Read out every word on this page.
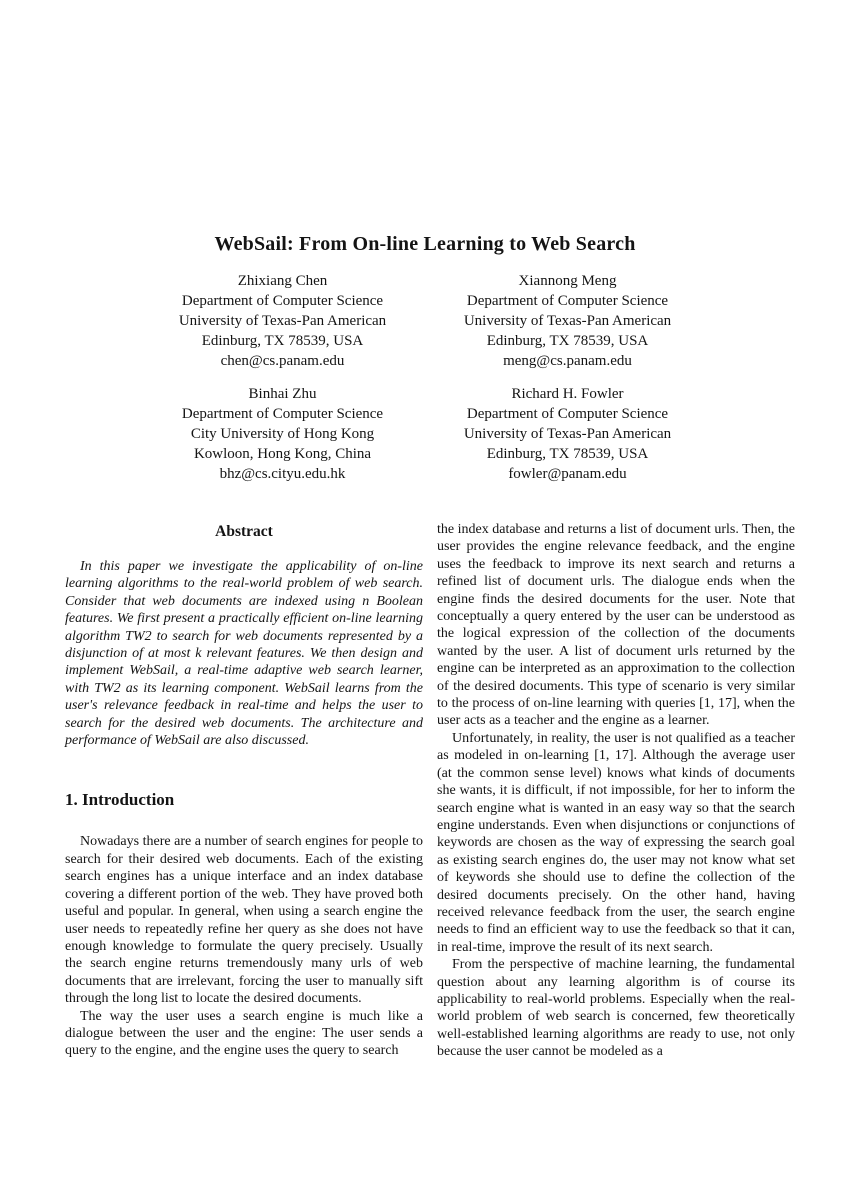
WebSail: From On-line Learning to Web Search
Zhixiang Chen
Department of Computer Science
University of Texas-Pan American
Edinburg, TX 78539, USA
chen@cs.panam.edu
Xiannong Meng
Department of Computer Science
University of Texas-Pan American
Edinburg, TX 78539, USA
meng@cs.panam.edu
Binhai Zhu
Department of Computer Science
City University of Hong Kong
Kowloon, Hong Kong, China
bhz@cs.cityu.edu.hk
Richard H. Fowler
Department of Computer Science
University of Texas-Pan American
Edinburg, TX 78539, USA
fowler@panam.edu
Abstract

In this paper we investigate the applicability of on-line learning algorithms to the real-world problem of web search. Consider that web documents are indexed using n Boolean features. We first present a practically efficient on-line learning algorithm TW2 to search for web documents represented by a disjunction of at most k relevant features. We then design and implement WebSail, a real-time adaptive web search learner, with TW2 as its learning component. WebSail learns from the user's relevance feedback in real-time and helps the user to search for the desired web documents. The architecture and performance of WebSail are also discussed.

1. Introduction

Nowadays there are a number of search engines for people to search for their desired web documents. Each of the existing search engines has a unique interface and an index database covering a different portion of the web. They have proved both useful and popular. In general, when using a search engine the user needs to repeatedly refine her query as she does not have enough knowledge to formulate the query precisely. Usually the search engine returns tremendously many urls of web documents that are irrelevant, forcing the user to manually sift through the long list to locate the desired documents.

The way the user uses a search engine is much like a dialogue between the user and the engine: The user sends a query to the engine, and the engine uses the query to search

the index database and returns a list of document urls. Then, the user provides the engine relevance feedback, and the engine uses the feedback to improve its next search and returns a refined list of document urls. The dialogue ends when the engine finds the desired documents for the user. Note that conceptually a query entered by the user can be understood as the logical expression of the collection of the documents wanted by the user. A list of document urls returned by the engine can be interpreted as an approximation to the collection of the desired documents. This type of scenario is very similar to the process of on-line learning with queries [1, 17], when the user acts as a teacher and the engine as a learner.

Unfortunately, in reality, the user is not qualified as a teacher as modeled in on-learning [1, 17]. Although the average user (at the common sense level) knows what kinds of documents she wants, it is difficult, if not impossible, for her to inform the search engine what is wanted in an easy way so that the search engine understands. Even when disjunctions or conjunctions of keywords are chosen as the way of expressing the search goal as existing search engines do, the user may not know what set of keywords she should use to define the collection of the desired documents precisely. On the other hand, having received relevance feedback from the user, the search engine needs to find an efficient way to use the feedback so that it can, in real-time, improve the result of its next search.

From the perspective of machine learning, the fundamental question about any learning algorithm is of course its applicability to real-world problems. Especially when the real-world problem of web search is concerned, few theoretically well-established learning algorithms are ready to use, not only because the user cannot be modeled as a
